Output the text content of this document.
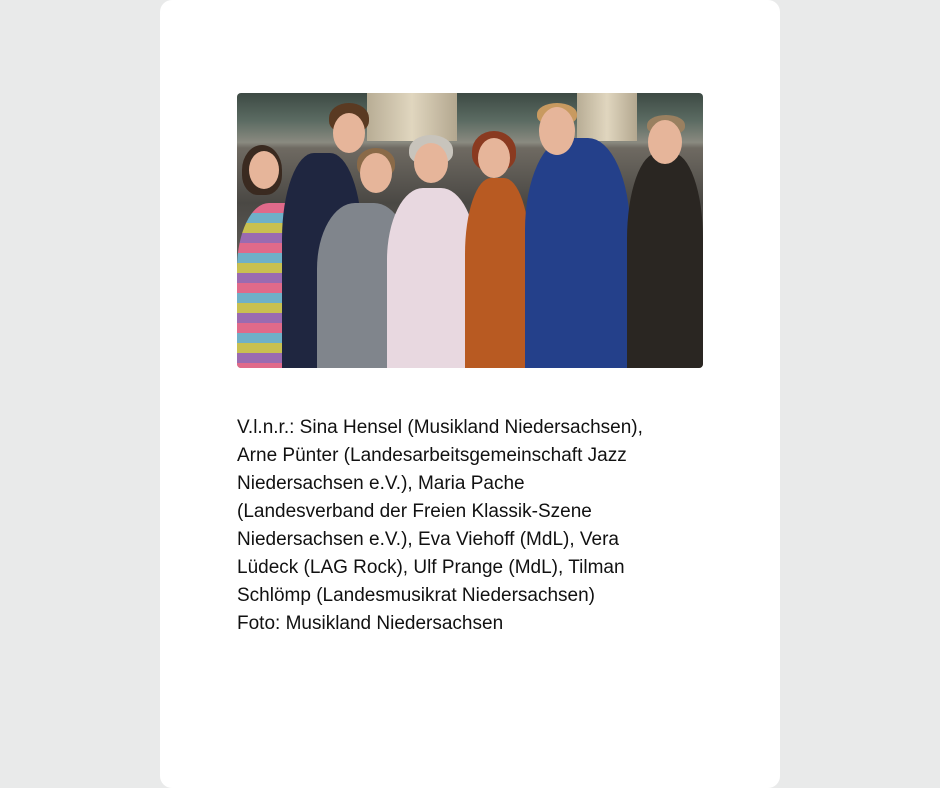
V.l.n.r.: Sina Hensel (Musikland Niedersachsen),
Arne Pünter (Landesarbeitsgemeinschaft Jazz
Niedersachsen e.V.), Maria Pache
(Landesverband der Freien Klassik-Szene
Niedersachsen e.V.), Eva Viehoff (MdL), Vera
Lüdeck (LAG Rock), Ulf Prange (MdL), Tilman
Schlömp (Landesmusikrat Niedersachsen)
Foto: Musikland Niedersachsen
